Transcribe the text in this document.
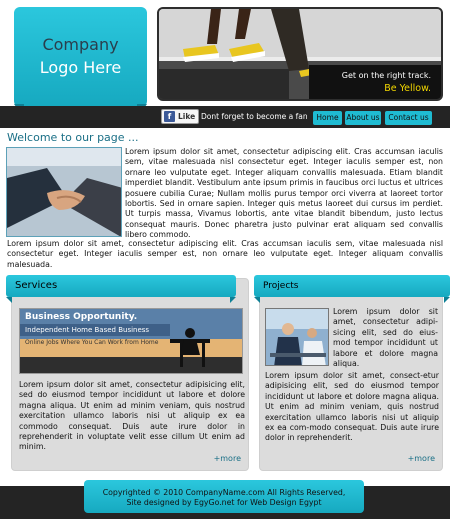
Company
Logo Here	Get on the right track.
Be Yellow.
f Like Dont forget to become a fan	Home	About us	Contact us
Welcome to our page ...

Lorem ipsum dolor sit amet, consectetur adipiscing elit. Cras accumsan iaculis sem, vitae malesuada nisl consectetur eget. Integer iaculis semper est, non ornare leo vulputate eget. Integer aliquam convallis malesuada. Etiam blandit imperdiet blandit. Vestibulum ante ipsum primis in faucibus orci luctus et ultrices posuere cubilia Curae; Nullam mollis purus tempor orci viverra at laoreet tortor lobortis. Sed in ornare sapien. Integer quis metus laoreet dui cursus im perdiet. Ut turpis massa, Vivamus lobortis, ante vitae blandit bibendum, justo lectus consequat mauris. Donec pharetra justo pulvinar erat aliquam sed convallis libero commodo.

Lorem ipsum dolor sit amet, consectetur adipiscing elit. Cras accumsan iaculis sem, vitae malesuada nisl consectetur eget. Integer iaculis semper est, non ornare leo vulputate eget. Integer aliquam convallis malesuada.

Services
Business Opportunity.
Independent Home Based Business
Online Jobs Where You Can Work from Home

Lorem ipsum dolor sit amet, consectetur adipisicing elit, sed do eiusmod tempor incididunt ut labore et dolore magna aliqua. Ut enim ad minim veniam, quis nostrud exercitation ullamco laboris nisi ut aliquip ex ea commodo consequat. Duis aute irure dolor in reprehenderit in voluptate velit esse cillum Ut enim ad minim.

+more
Projects

Lorem ipsum dolor sit amet, consectetur adipi-sicing elit, sed do eius-mod tempor incididunt ut labore et dolore magna aliqua.

Lorem ipsum dolor sit amet, consect-etur adipisicing elit, sed do eiusmod tempor incididunt ut labore et dolore magna aliqua. Ut enim ad minim veniam, quis nostrud exercitation ullamco laboris nisi ut aliquip ex ea com-modo consequat. Duis aute irure dolor in reprehenderit.

+more
Copyrighted © 2010 CompanyName.com All Rights Reserved,
Site designed by EgyGo.net for Web Design Egypt
